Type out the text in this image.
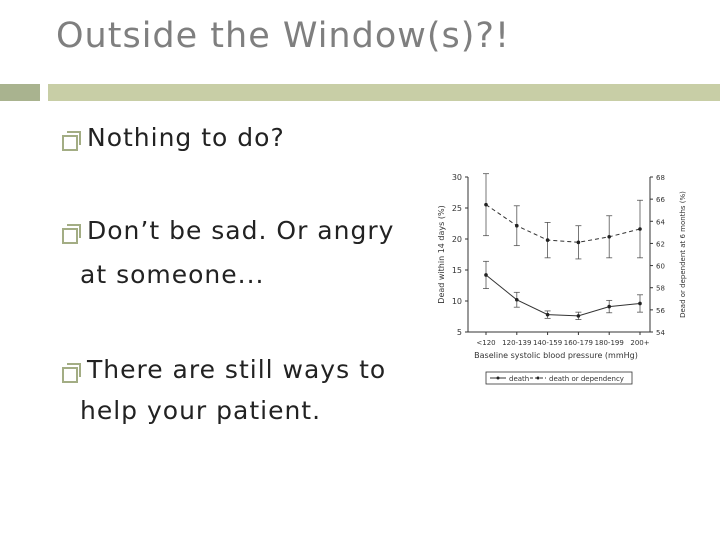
Outside the Window(s)?!
Nothing to do?
Don’t be sad. Or angry
at someone...
There are still ways to
help your patient.
5
10
15
20
25
30
54
56
58
60
62
64
66
68
<120 120-139 140-159 160-179 180-199 200+
Baseline systolic blood pressure (mmHg)
Dead within 14 days (%)	Dead or dependent at 6 months (%)
death	death or dependency
